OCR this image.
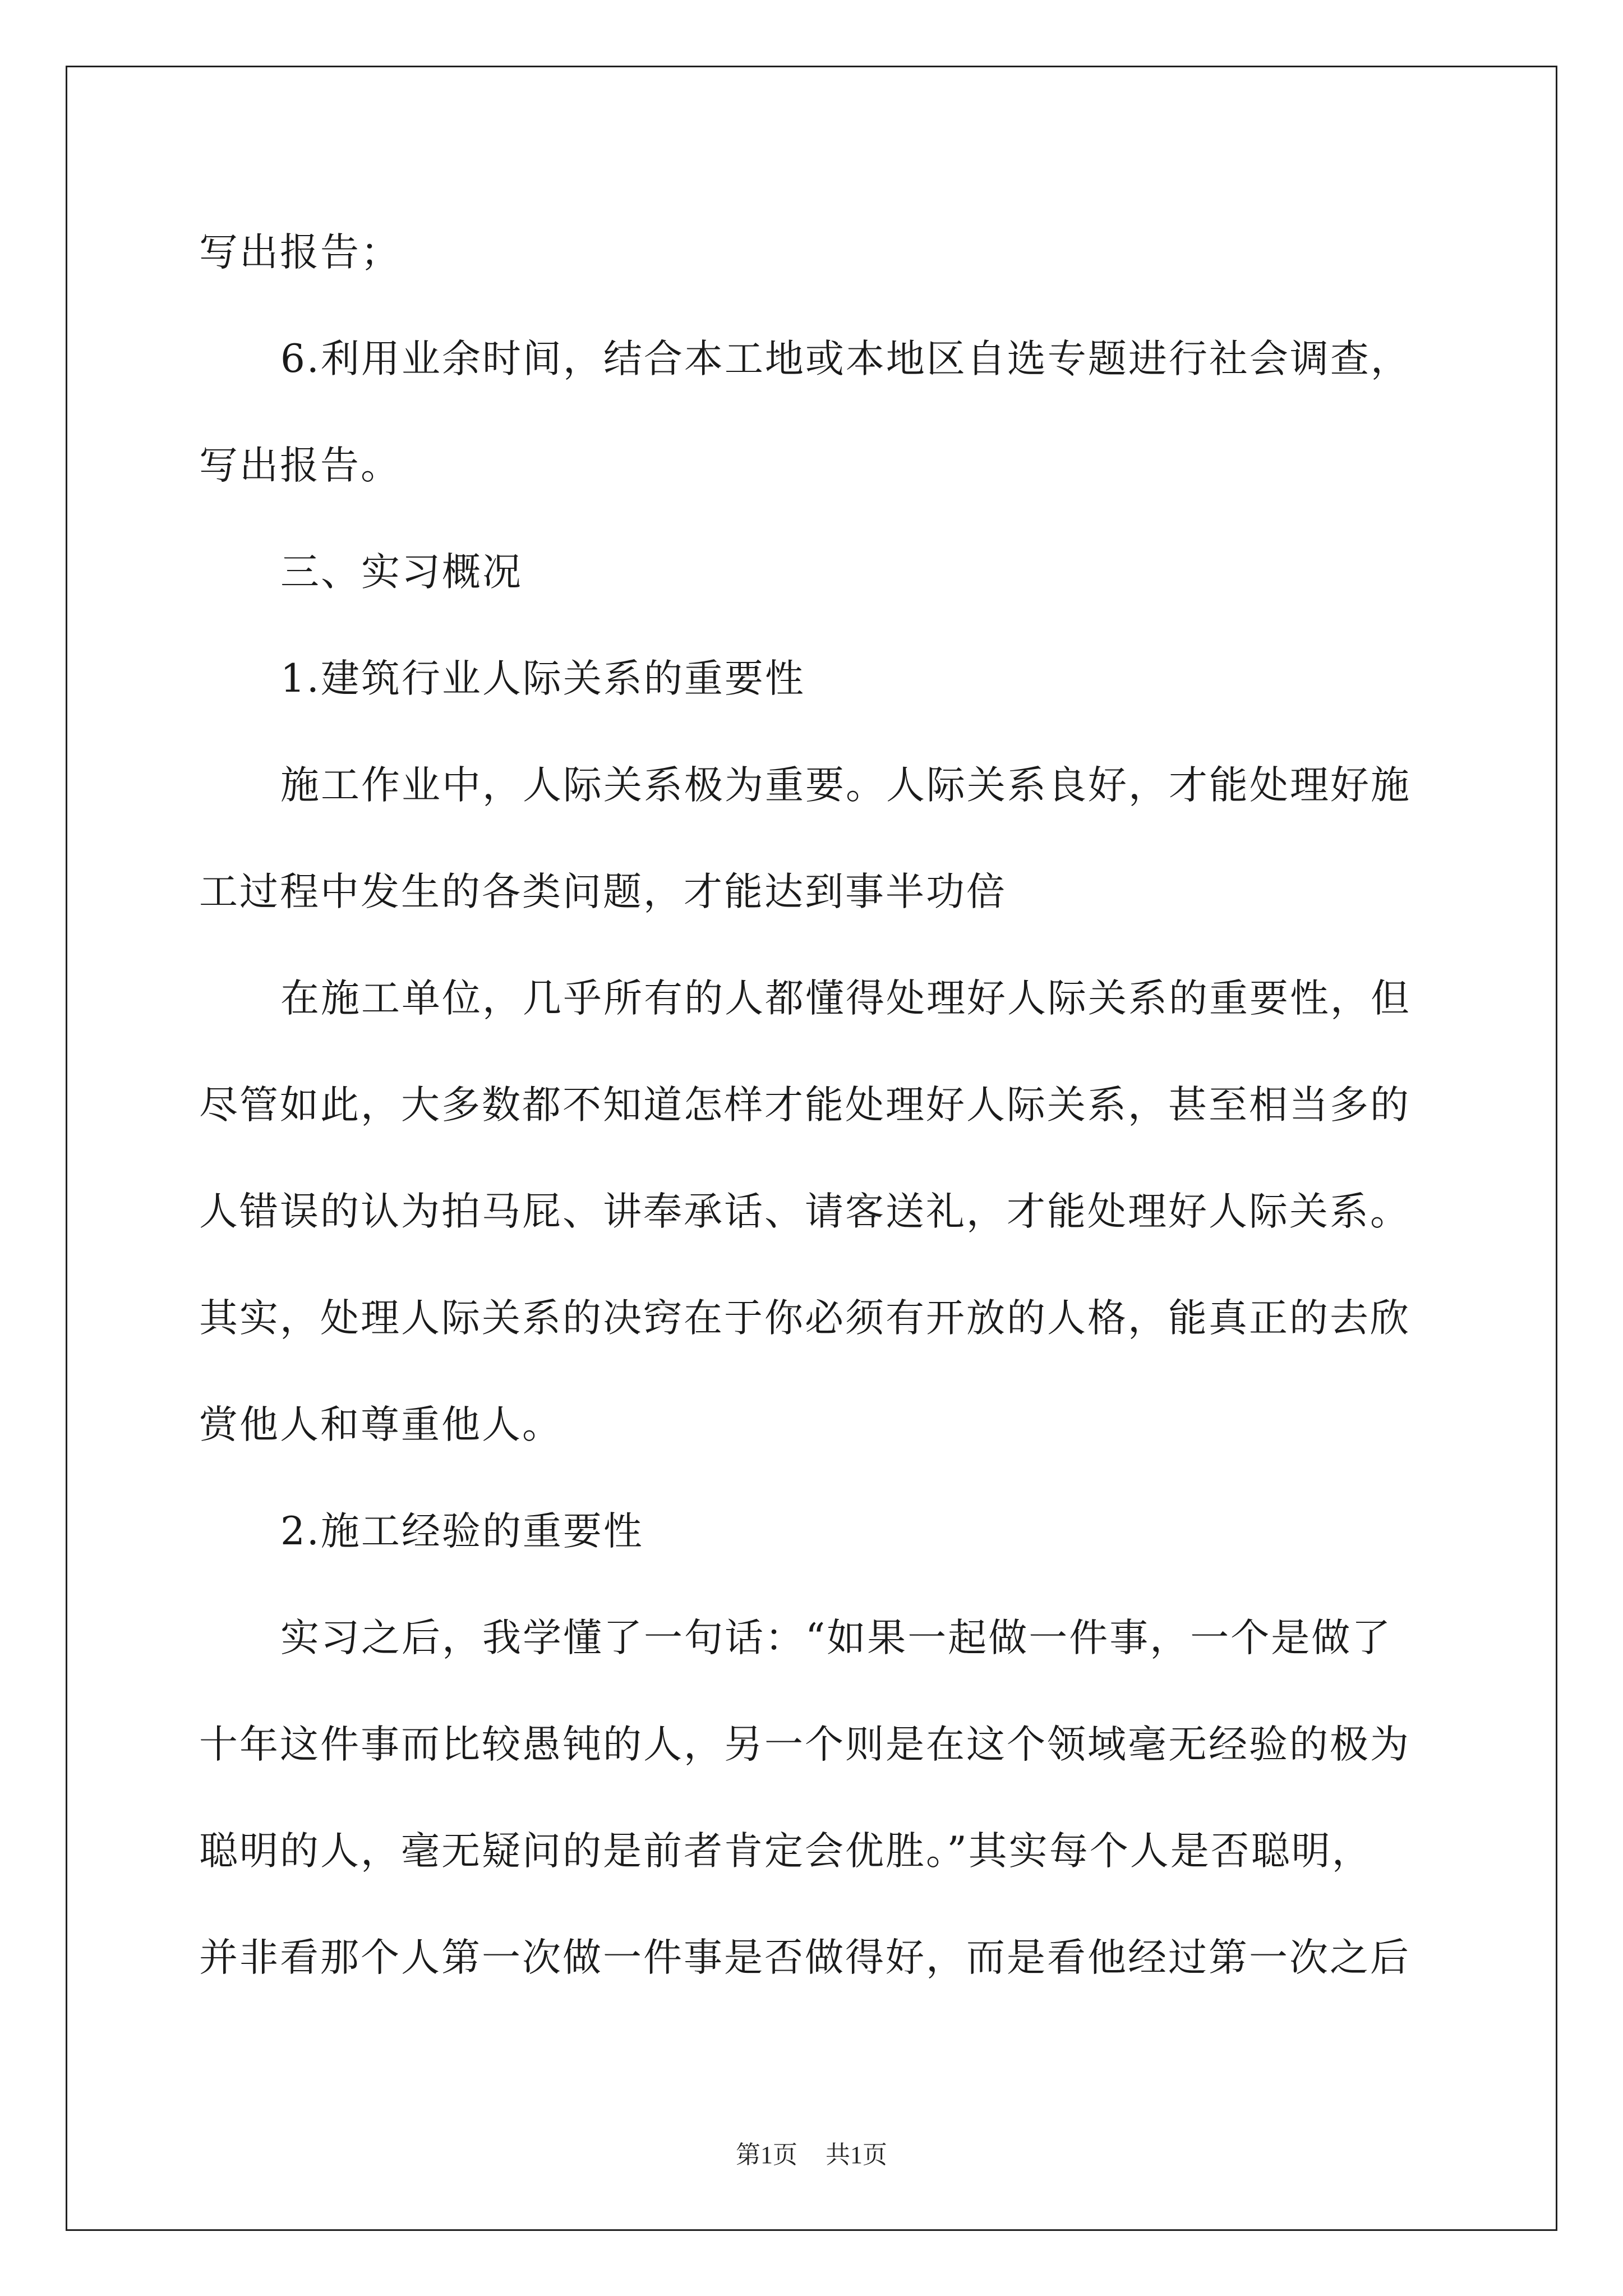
写出报告；
6.利用业余时间，结合本工地或本地区自选专题进行社会调查，
写出报告。
三、实习概况
1.建筑行业人际关系的重要性
施工作业中，人际关系极为重要。人际关系良好，才能处理好施
工过程中发生的各类问题，才能达到事半功倍
在施工单位，几乎所有的人都懂得处理好人际关系的重要性，但
尽管如此，大多数都不知道怎样才能处理好人际关系，甚至相当多的
人错误的认为拍马屁、讲奉承话、请客送礼，才能处理好人际关系。
其实，处理人际关系的决窍在于你必须有开放的人格，能真正的去欣
赏他人和尊重他人。
2.施工经验的重要性
实习之后，我学懂了一句话：“如果一起做一件事，一个是做了
十年这件事而比较愚钝的人，另一个则是在这个领域毫无经验的极为
聪明的人，毫无疑问的是前者肯定会优胜。”其实每个人是否聪明，
并非看那个人第一次做一件事是否做得好，而是看他经过第一次之后
第1页 共1页
